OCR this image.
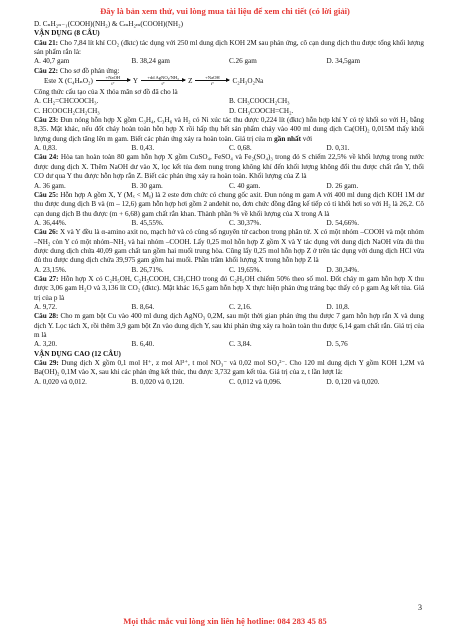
Đây là bản xem thử, vui lòng mua tài liệu để xem chi tiết (có lời giải)

D. CₙH₂ₙ₋₁(COOH)(NH₂) & CₘH₂ₘ(COOH)(NH₂)

VẬN DỤNG (8 CÂU)

Câu 21: Cho 7,84 lít khí CO₂ (đktc) tác dụng với 250 ml dung dịch KOH 2M sau phản ứng, cô cạn dung dịch thu được tổng khối lượng sản phẩm rắn là:

A. 40,7 gam	B. 38,24 gam	C.26 gam	D. 34,5gam

Câu 22: Cho sơ đồ phản ứng:

Este X (C₄HₙO₂)
+NaOH
t°	Y
+dd AgNO₃/NH₃
t°	Z
+NaOH
t°	C₂H₃O₂Na

Công thức cấu tạo của X thỏa mãn sơ đồ đã cho là

A. CH₂=CHCOOCH₃.	B. CH₃COOCH₂CH₃
C. HCOOCH₂CH₂CH₃	D. CH₃COOCH=CH₂.

Câu 23: Đun nóng hỗn hợp X gồm C₃H₄, C₃H₆ và H₂ có Ni xúc tác thu được 0,224 lít (đktc) hỗn hợp khí Y có tỷ khối so với H₂ bằng 8,35. Mặt khác, nếu đốt cháy hoàn toàn hỗn hợp X rồi hấp thụ hết sản phẩm cháy vào 400 ml dung dịch Ca(OH)₂ 0,015M thấy khối lượng dung dịch tăng lên m gam. Biết các phản ứng xảy ra hoàn toàn. Giá trị của m gần nhất với

A. 0,83.	B. 0,43.	C. 0,68.	D. 0,31.

Câu 24: Hòa tan hoàn toàn 80 gam hỗn hợp X gồm CuSO₄, FeSO₄ và Fe₂(SO₄)₃ trong đó S chiếm 22,5% về khối lượng trong nước được dung dịch X. Thêm NaOH dư vào X, lọc kết tủa đem nung trong không khí đến khối lượng không đổi thu được chất rắn Y, thổi CO dư qua Y thu được hỗn hợp rắn Z. Biết các phản ứng xảy ra hoàn toàn. Khối lượng của Z là

A. 36 gam.	B. 30 gam.	C. 40 gam.	D. 26 gam.

Câu 25: Hỗn hợp A gồm X, Y (Mₓ < Mᵧ) là 2 este đơn chức có chung gốc axit. Đun nóng m gam A với 400 ml dung dịch KOH 1M dư thu được dung dịch B và (m – 12,6) gam hỗn hợp hơi gồm 2 anđehit no, đơn chức đồng đẳng kế tiếp có tỉ khối hơi so với H₂ là 26,2. Cô cạn dung dịch B thu được (m + 6,68) gam chất rắn khan. Thành phần % về khối lượng của X trong A là

A. 36,44%.	B. 45,55%.	C. 30,37%.	D. 54,66%.

Câu 26: X và Y đều là α-amino axit no, mạch hở và có cùng số nguyên tử cacbon trong phân tử. X có một nhóm –COOH và một nhóm –NH₂ còn Y có một nhóm–NH₂ và hai nhóm –COOH. Lấy 0,25 mol hỗn hợp Z gồm X và Y tác dụng với dung dịch NaOH vừa đủ thu được dung dịch chứa 40,09 gam chất tan gồm hai muối trung hòa. Cũng lấy 0,25 mol hỗn hợp Z ở trên tác dụng với dung dịch HCl vừa đủ thu được dung dịch chứa 39,975 gam gồm hai muối. Phần trăm khối lượng X trong hỗn hợp Z là

A. 23,15%.	B. 26,71%.	C. 19,65%.	D. 30,34%.

Câu 27: Hỗn hợp X có C₂H₅OH, C₂H₅COOH, CH₃CHO trong đó C₂H₅OH chiếm 50% theo số mol. Đốt cháy m gam hỗn hợp X thu được 3,06 gam H₂O và 3,136 lít CO₂ (đktc). Mặt khác 16,5 gam hỗn hợp X thực hiện phản ứng tráng bạc thấy có p gam Ag kết tủa. Giá trị của p là

A. 9,72.	B. 8,64.	C. 2,16.	D. 10,8.

Câu 28: Cho m gam bột Cu vào 400 ml dung dịch AgNO₃ 0,2M, sau một thời gian phản ứng thu được 7 gam hỗn hợp rắn X và dung dịch Y. Lọc tách X, rồi thêm 3,9 gam bột Zn vào dung dịch Y, sau khi phản ứng xảy ra hoàn toàn thu được 6,14 gam chất rắn. Giá trị của m là

A. 3,20.	B. 6,40.	C. 3,84.	D. 5,76

VẬN DỤNG CAO (12 CÂU)

Câu 29: Dung dịch X gồm 0,1 mol H⁺, z mol Al³⁺, t mol NO₃⁻ và 0,02 mol SO₄²⁻. Cho 120 ml dung dịch Y gồm KOH 1,2M và Ba(OH)₂ 0,1M vào X, sau khi các phản ứng kết thúc, thu được 3,732 gam kết tủa. Giá trị của z, t lần lượt là:

A. 0,020 và 0,012.	B. 0,020 và 0,120.	C. 0,012 và 0,096.	D. 0,120 và 0,020.
3
Mọi thắc mắc vui lòng xin liên hệ hotline: 084 283 45 85
